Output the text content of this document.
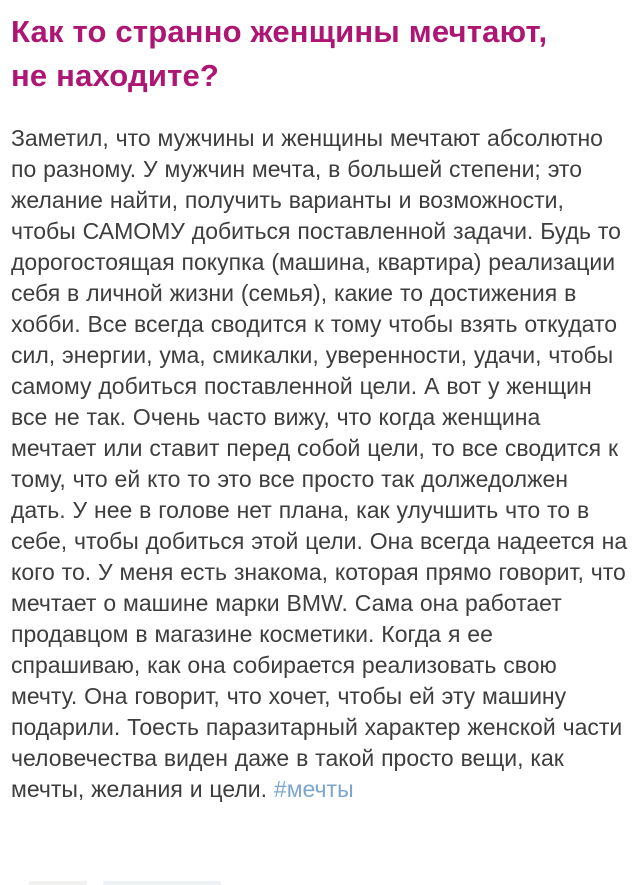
Как то странно женщины мечтают, не находите?

Заметил, что мужчины и женщины мечтают абсолютно по разному. У мужчин мечта, в большей степени; это желание найти, получить варианты и возможности, чтобы САМОМУ добиться поставленной задачи. Будь то дорогостоящая покупка (машина, квартира) реализации себя в личной жизни (семья), какие то достижения в хобби. Все всегда сводится к тому чтобы взять откудато сил, энергии, ума, смикалки, уверенности, удачи, чтобы самому добиться поставленной цели. А вот у женщин все не так. Очень часто вижу, что когда женщина мечтает или ставит перед собой цели, то все сводится к тому, что ей кто то это все просто так должедолжен дать. У нее в голове нет плана, как улучшить что то в себе, чтобы добиться этой цели. Она всегда надеется на кого то. У меня есть знакома, которая прямо говорит, что мечтает о машине марки BMW. Сама она работает продавцом в магазине косметики. Когда я ее спрашиваю, как она собирается реализовать свою мечту. Она говорит, что хочет, чтобы ей эту машину подарили. Тоесть паразитарный характер женской части человечества виден даже в такой просто вещи, как мечты, желания и цели. #мечты
